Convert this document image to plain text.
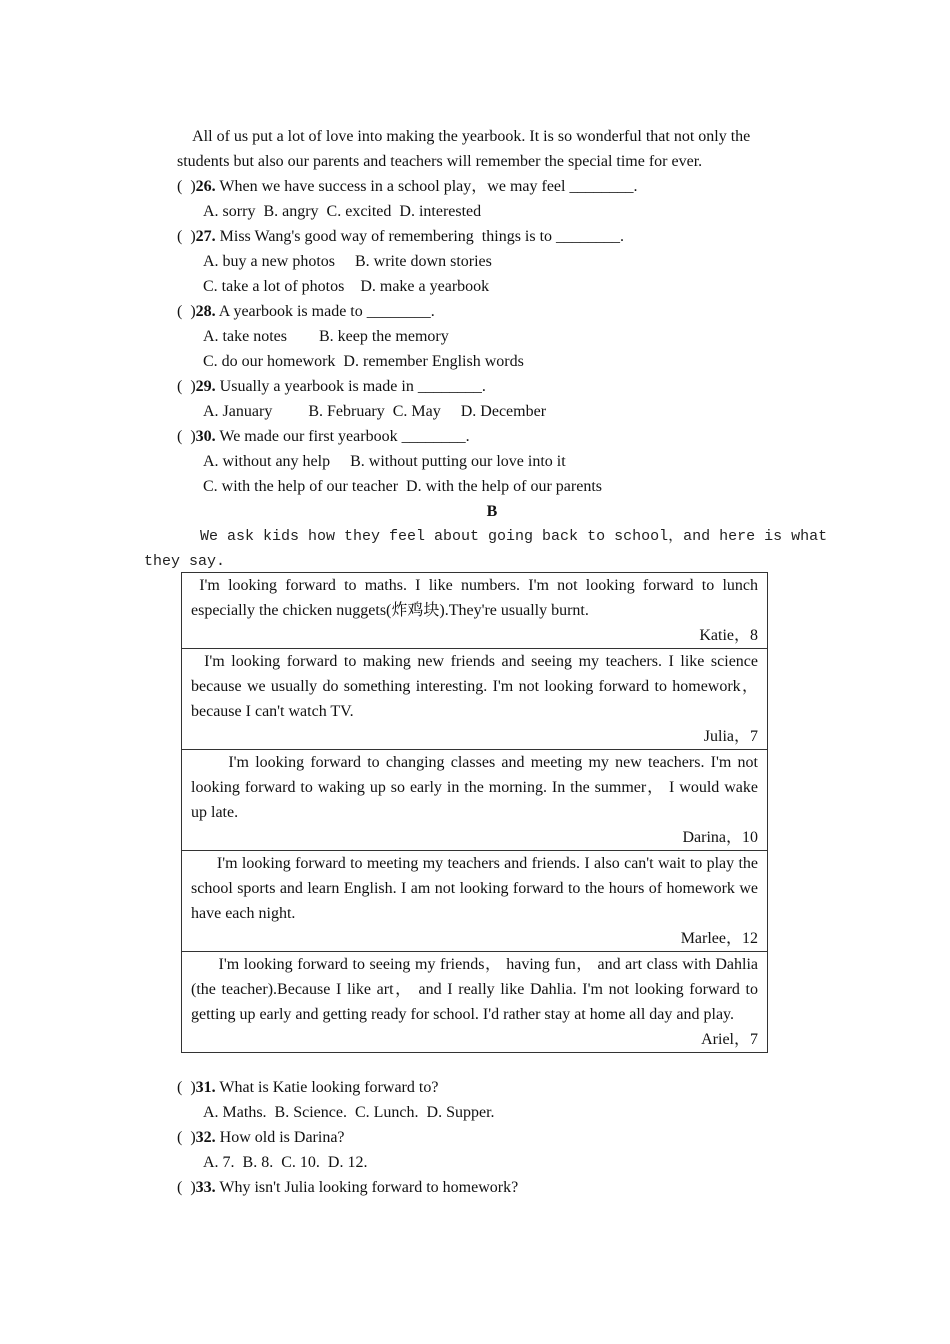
All of us put a lot of love into making the yearbook. It is so wonderful that not only the
students but also our parents and teachers will remember the special time for ever.
(  )26. When we have success in a school play，we may feel ________.
A. sorry  B. angry  C. excited  D. interested
(  )27. Miss Wang's good way of remembering  things is to ________.
A. buy a new photos     B. write down stories
C. take a lot of photos    D. make a yearbook
(  )28. A yearbook is made to ________.
A. take notes        B. keep the memory
C. do our homework  D. remember English words
(  )29. Usually a yearbook is made in ________.
A. January         B. February  C. May     D. December
(  )30. We made our first yearbook ________.
A. without any help     B. without putting our love into it
C. with the help of our teacher  D. with the help of our parents
B
We ask kids how they feel about going back to school，and here is what
they say.

I'm looking forward to maths. I like numbers. I'm not looking forward to lunch especially the chicken nuggets(炸鸡块).They're usually burnt.

Katie，8

I'm looking forward to making new friends and seeing my teachers. I like science because we usually do something interesting. I'm not looking forward to homework，because I can't watch TV.

Julia，7

I'm looking forward to changing classes and meeting my new teachers. I'm not looking forward to waking up so early in the morning. In the summer， I would wake up late.

Darina，10

I'm looking forward to meeting my teachers and friends. I also can't wait to play the school sports and learn English. I am not looking forward to the hours of homework we have each night.

Marlee，12

I'm looking forward to seeing my friends， having fun， and art class with Dahlia (the teacher).Because I like art， and I really like Dahlia. I'm not looking forward to getting up early and getting ready for school. I'd rather stay at home all day and play.

Ariel，7

(  )31. What is Katie looking forward to?
A. Maths.  B. Science.  C. Lunch.  D. Supper.
(  )32. How old is Darina?
A. 7.  B. 8.  C. 10.  D. 12.
(  )33. Why isn't Julia looking forward to homework?
